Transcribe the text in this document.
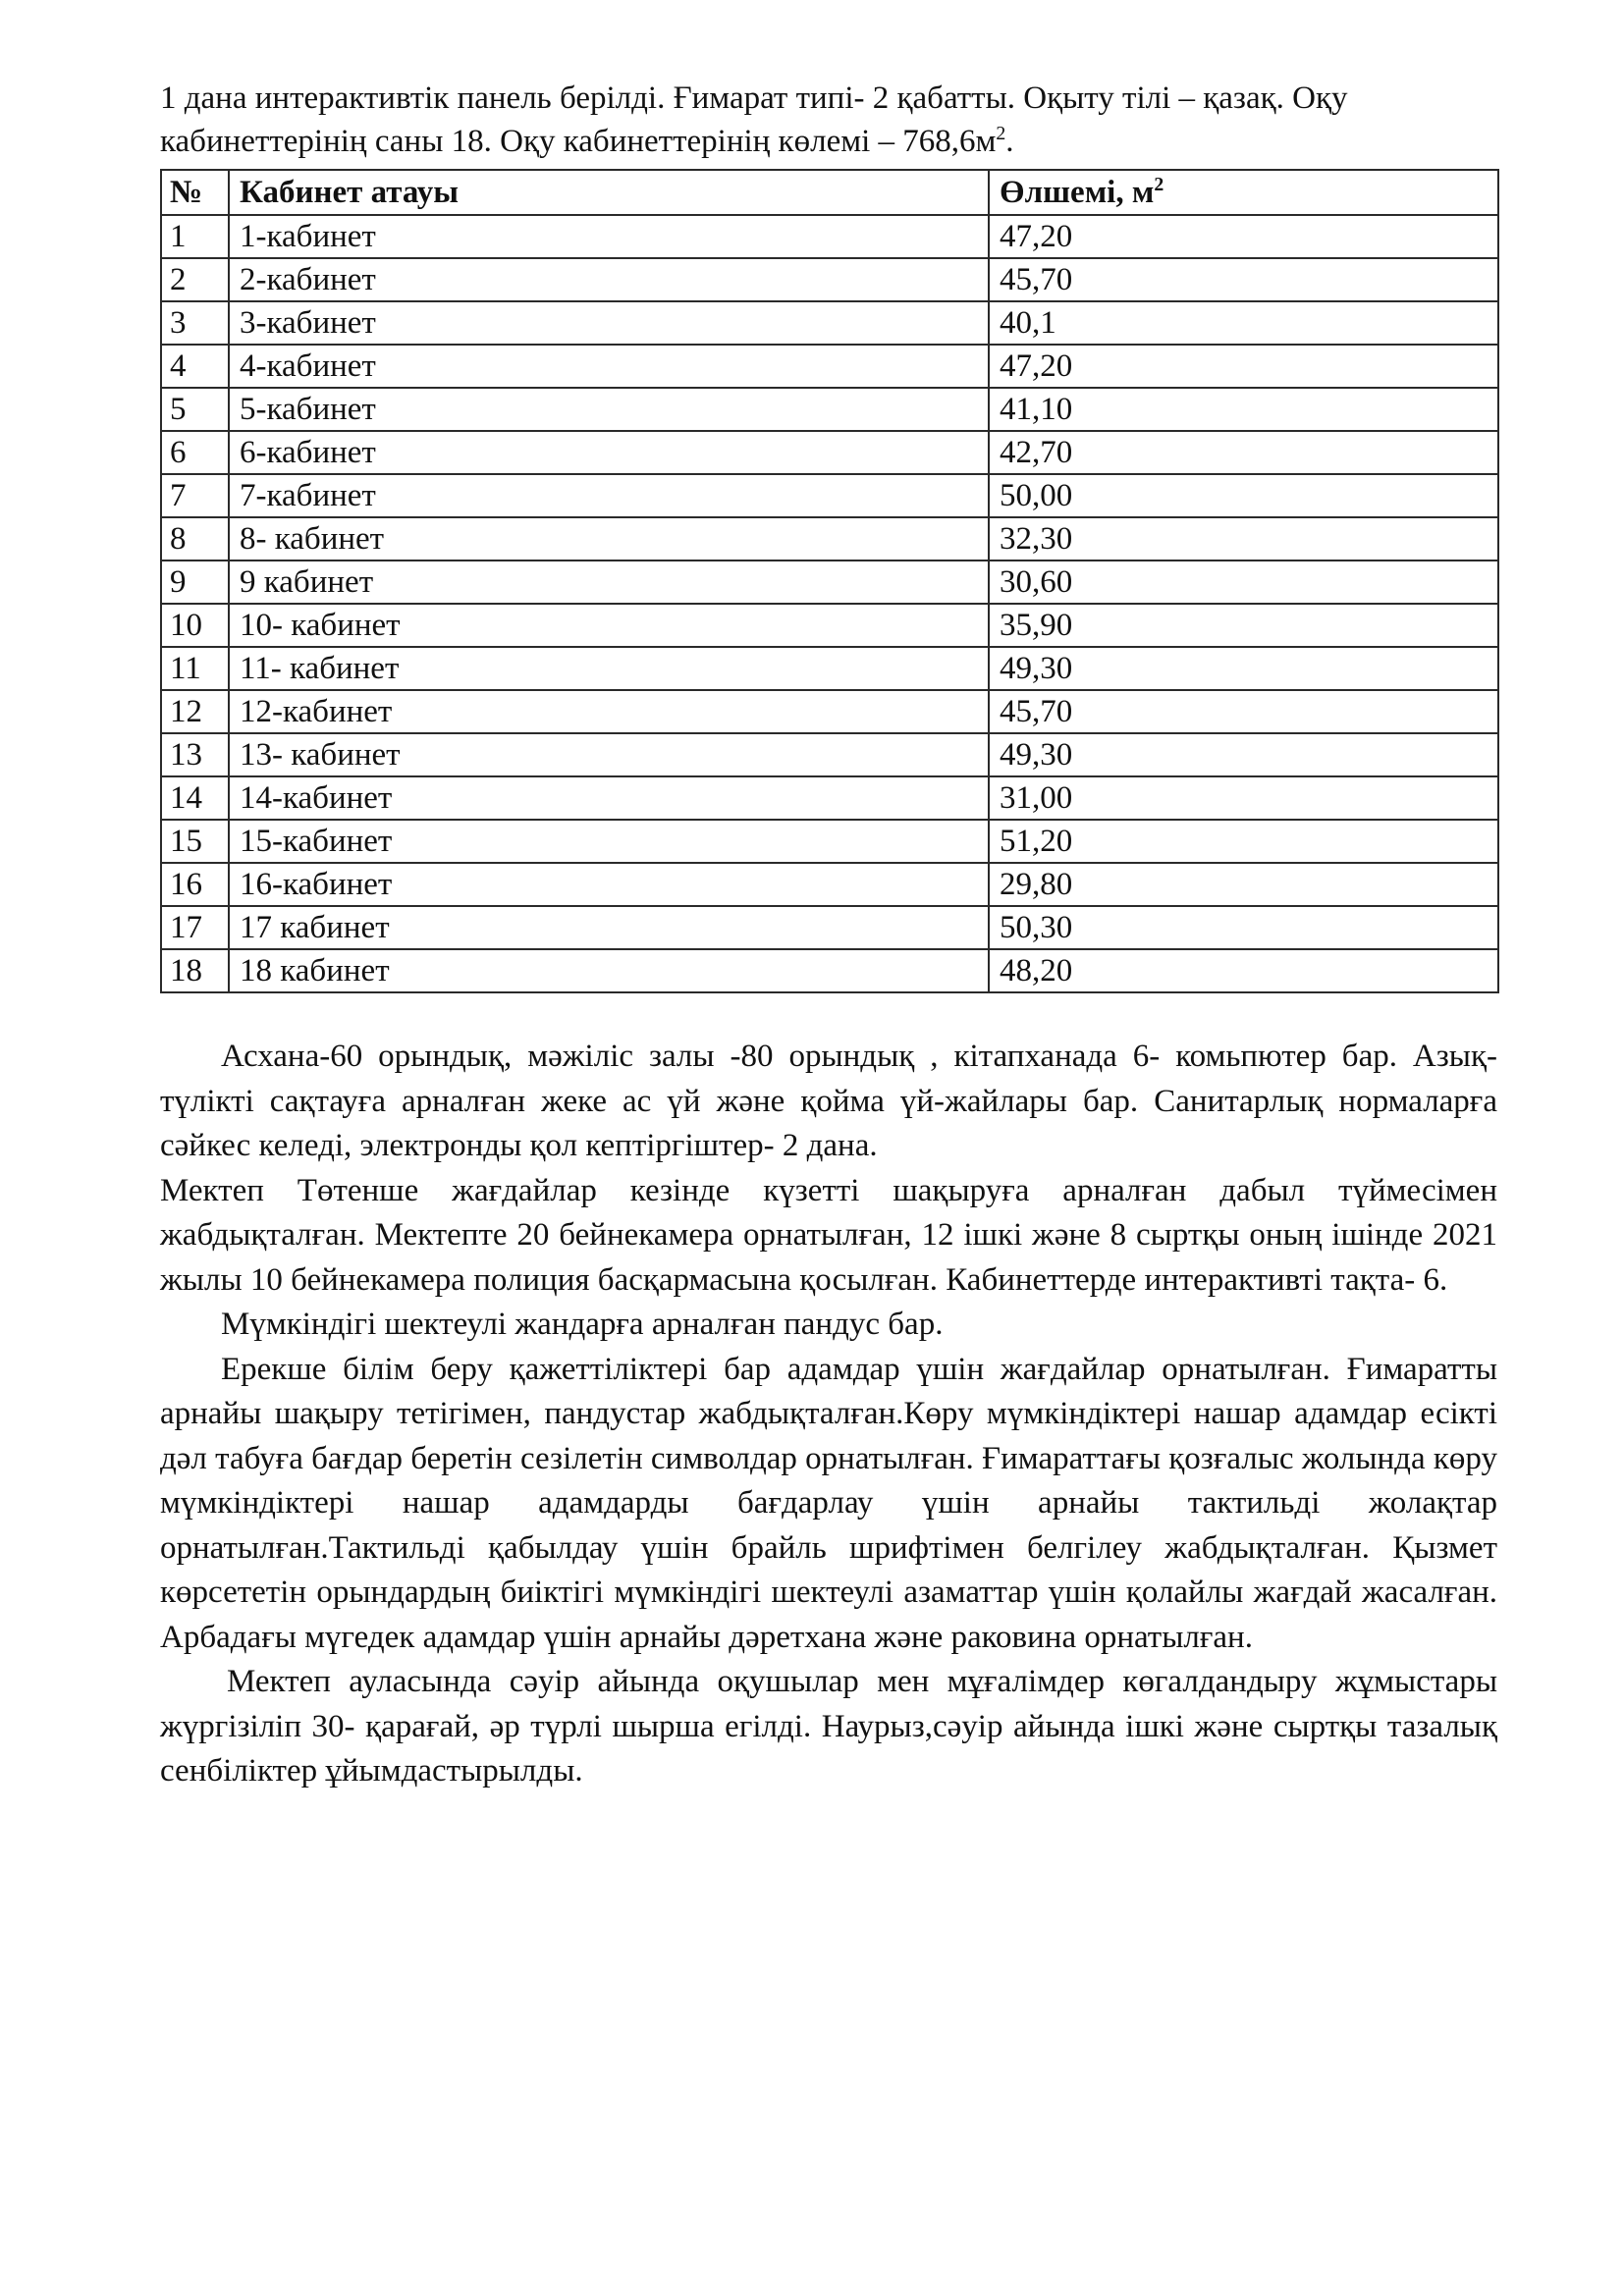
1 дана интерактивтік панель берілді. Ғимарат типі- 2 қабатты. Оқыту тілі – қазақ. Оқу кабинеттерінің саны 18. Оқу кабинеттерінің көлемі – $768,6м^2$.

№	Кабинет атауы	Өлшемі, $м^2$
1	1-кабинет	47,20
2	2-кабинет	45,70
3	3-кабинет	40,1
4	4-кабинет	47,20
5	5-кабинет	41,10
6	6-кабинет	42,70
7	7-кабинет	50,00
8	8- кабинет	32,30
9	9 кабинет	30,60
10	10- кабинет	35,90
11	11- кабинет	49,30
12	12-кабинет	45,70
13	13- кабинет	49,30
14	14-кабинет	31,00
15	15-кабинет	51,20
16	16-кабинет	29,80
17	17 кабинет	50,30
18	18 кабинет	48,20

Асхана-60 орындық, мәжіліс залы -80 орындық , кітапханада 6- комьпютер бар. Азық-түлікті сақтауға арналған жеке ас үй және қойма үй-жайлары бар. Санитарлық нормаларға сәйкес келеді, электронды қол кептіргіштер- 2 дана.

Мектеп Төтенше жағдайлар кезінде күзетті шақыруға арналған дабыл түймесімен жабдықталған. Мектепте 20 бейнекамера орнатылған, 12 ішкі және 8 сыртқы оның ішінде 2021 жылы 10 бейнекамера полиция басқармасына қосылған. Кабинеттерде интерактивті тақта- 6.

Мүмкіндігі шектеулі жандарға арналған пандус бар.

Ерекше білім беру қажеттіліктері бар адамдар үшін жағдайлар орнатылған. Ғимаратты арнайы шақыру тетігімен, пандустар жабдықталған.Көру мүмкіндіктері нашар адамдар есікті дәл табуға бағдар беретін сезілетін символдар орнатылған. Ғимараттағы қозғалыс жолында көру мүмкіндіктері нашар адамдарды бағдарлау үшін арнайы тактильді жолақтар орнатылған.Тактильді қабылдау үшін брайль шрифтімен белгілеу жабдықталған. Қызмет көрсететін орындардың биіктігі мүмкіндігі шектеулі азаматтар үшін қолайлы жағдай жасалған. Арбадағы мүгедек адамдар үшін арнайы дәретхана және раковина орнатылған.

Мектеп ауласында сәуір айында оқушылар мен мұғалімдер көгалдандыру жұмыстары жүргізіліп 30- қарағай, әр түрлі шырша егілді. Наурыз,сәуір айында ішкі және сыртқы тазалық сенбіліктер ұйымдастырылды.
